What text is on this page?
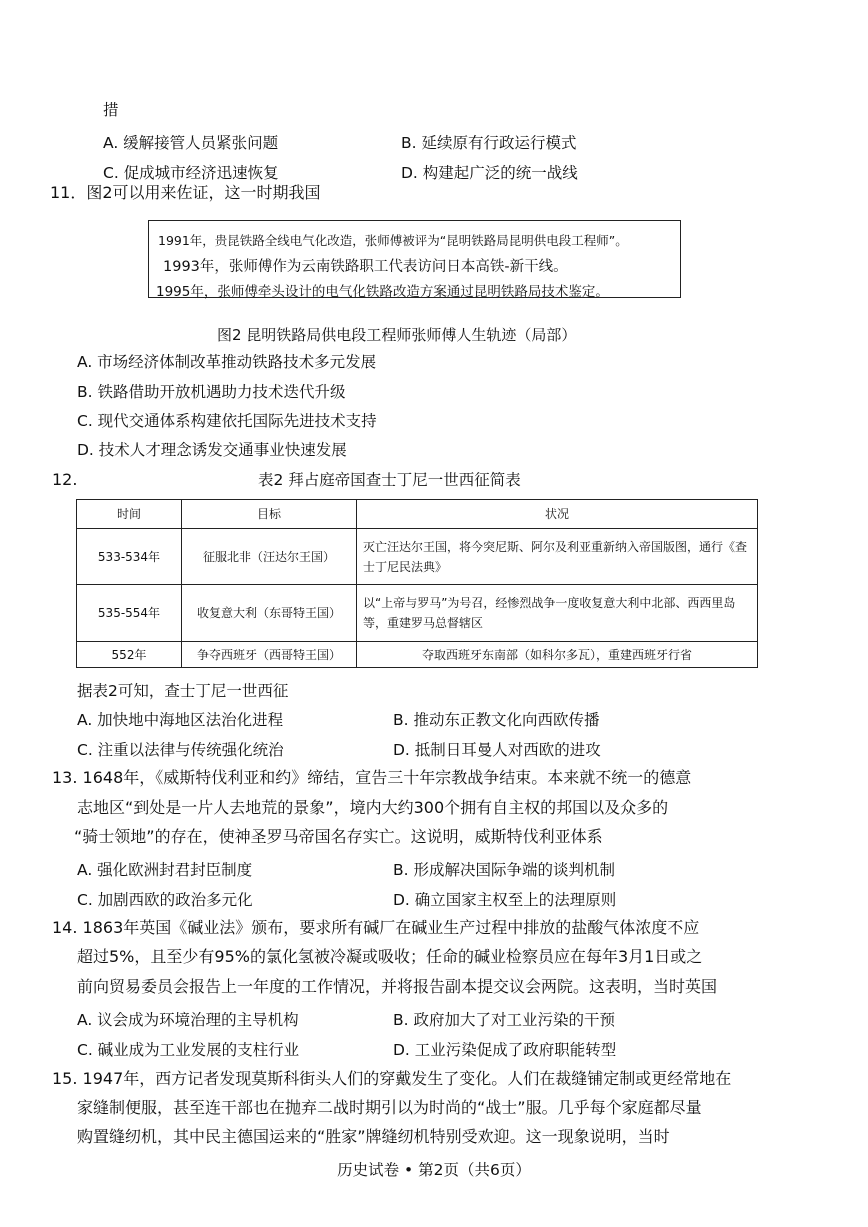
措
A. 缓解接管人员紧张问题	B. 延续原有行政运行模式
C. 促成城市经济迅速恢复	D. 构建起广泛的统一战线
11．图2可以用来佐证，这一时期我国
1991年，贵昆铁路全线电气化改造，张师傅被评为“昆明铁路局昆明供电段工程师”。
1993年，张师傅作为云南铁路职工代表访问日本高铁-新干线。
1995年，张师傅牵头设计的电气化铁路改造方案通过昆明铁路局技术鉴定。
图2 昆明铁路局供电段工程师张师傅人生轨迹（局部）
A. 市场经济体制改革推动铁路技术多元发展
B. 铁路借助开放机遇助力技术迭代升级
C. 现代交通体系构建依托国际先进技术支持
D. 技术人才理念诱发交通事业快速发展
12.	表2 拜占庭帝国查士丁尼一世西征简表
时间	目标	状况
533-534年	征服北非（汪达尔王国）	灭亡汪达尔王国，将今突尼斯、阿尔及利亚重新纳入帝国版图，通行《查士丁尼民法典》
535-554年	收复意大利（东哥特王国）	以“上帝与罗马”为号召，经惨烈战争一度收复意大利中北部、西西里岛等，重建罗马总督辖区
552年	争夺西班牙（西哥特王国）	夺取西班牙东南部（如科尔多瓦），重建西班牙行省
据表2可知，查士丁尼一世西征
A. 加快地中海地区法治化进程	B. 推动东正教文化向西欧传播
C. 注重以法律与传统强化统治	D. 抵制日耳曼人对西欧的进攻
13. 1648年，《威斯特伐利亚和约》缔结，宣告三十年宗教战争结束。本来就不统一的德意
志地区“到处是一片人去地荒的景象”，境内大约300个拥有自主权的邦国以及众多的
“骑士领地”的存在，使神圣罗马帝国名存实亡。这说明，威斯特伐利亚体系
A. 强化欧洲封君封臣制度	B. 形成解决国际争端的谈判机制
C. 加剧西欧的政治多元化	D. 确立国家主权至上的法理原则
14. 1863年英国《碱业法》颁布，要求所有碱厂在碱业生产过程中排放的盐酸气体浓度不应
超过5%，且至少有95%的氯化氢被冷凝或吸收；任命的碱业检察员应在每年3月1日或之
前向贸易委员会报告上一年度的工作情况，并将报告副本提交议会两院。这表明，当时英国
A. 议会成为环境治理的主导机构	B. 政府加大了对工业污染的干预
C. 碱业成为工业发展的支柱行业	D. 工业污染促成了政府职能转型
15. 1947年，西方记者发现莫斯科街头人们的穿戴发生了变化。人们在裁缝铺定制或更经常地在
家缝制便服，甚至连干部也在抛弃二战时期引以为时尚的“战士”服。几乎每个家庭都尽量
购置缝纫机，其中民主德国运来的“胜家”牌缝纫机特别受欢迎。这一现象说明，当时
历史试卷 • 第2页（共6页）
